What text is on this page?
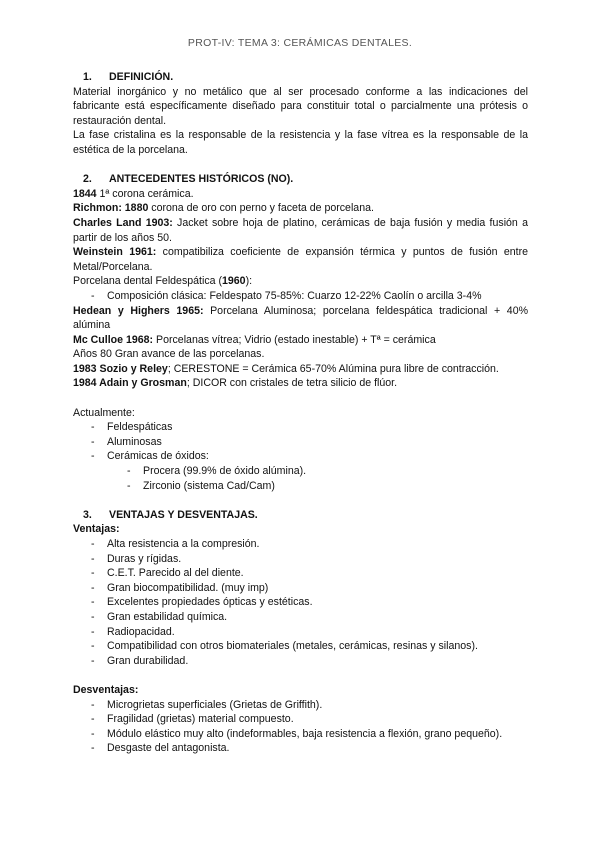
PROT-IV: TEMA 3: CERÁMICAS DENTALES.
1. DEFINICIÓN.

Material inorgánico y no metálico que al ser procesado conforme a las indicaciones del fabricante está específicamente diseñado para constituir total o parcialmente una prótesis o restauración dental.

La fase cristalina es la responsable de la resistencia y la fase vítrea es la responsable de la estética de la porcelana.

2. ANTECEDENTES HISTÓRICOS (NO).

1844 1ª corona cerámica.

Richmon: 1880 corona de oro con perno y faceta de porcelana.

Charles Land 1903: Jacket sobre hoja de platino, cerámicas de baja fusión y media fusión a partir de los años 50.

Weinstein 1961: compatibiliza coeficiente de expansión térmica y puntos de fusión entre Metal/Porcelana.

Porcelana dental Feldespática (1960):

- Composición clásica: Feldespato 75-85%: Cuarzo 12-22% Caolín o arcilla 3-4%

Hedean y Highers 1965: Porcelana Aluminosa; porcelana feldespática tradicional + 40% alúmina

Mc Culloe 1968: Porcelanas vítrea; Vidrio (estado inestable) + Tª = cerámica

Años 80 Gran avance de las porcelanas.

1983 Sozio y Reley; CERESTONE = Cerámica 65-70% Alúmina pura libre de contracción.

1984 Adain y Grosman; DICOR con cristales de tetra silicio de flúor.

Actualmente:

- Feldespáticas
- Aluminosas
- Cerámicas de óxidos:
- Procera (99.9% de óxido alúmina).
- Zirconio (sistema Cad/Cam)
3. VENTAJAS Y DESVENTAJAS.

Ventajas:

- Alta resistencia a la compresión.
- Duras y rígidas.
- C.E.T. Parecido al del diente.
- Gran biocompatibilidad. (muy imp)
- Excelentes propiedades ópticas y estéticas.
- Gran estabilidad química.
- Radiopacidad.
- Compatibilidad con otros biomateriales (metales, cerámicas, resinas y silanos).
- Gran durabilidad.

Desventajas:

- Microgrietas superficiales (Grietas de Griffith).
- Fragilidad (grietas) material compuesto.
- Módulo elástico muy alto (indeformables, baja resistencia a flexión, grano pequeño).
- Desgaste del antagonista.
